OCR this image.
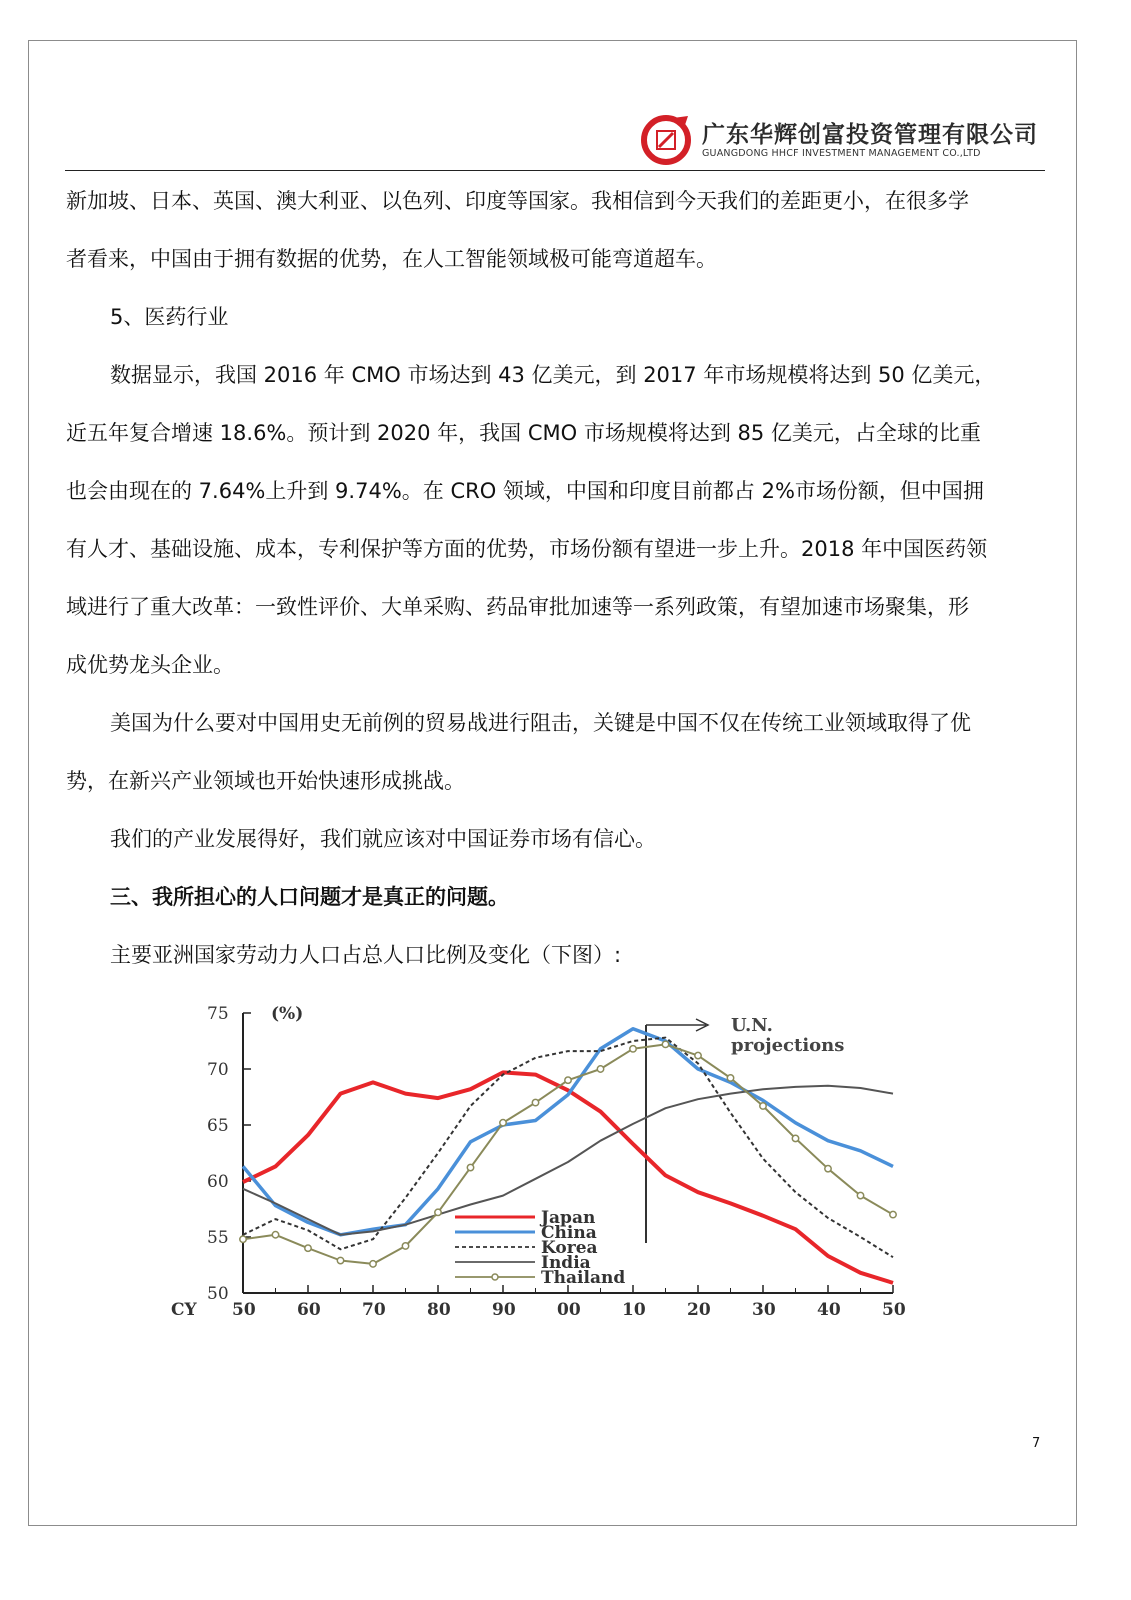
广东华辉创富投资管理有限公司
GUANGDONG HHCF INVESTMENT MANAGEMENT CO.,LTD
新加坡、日本、英国、澳大利亚、以色列、印度等国家。我相信到今天我们的差距更小，在很多学
者看来，中国由于拥有数据的优势，在人工智能领域极可能弯道超车。
5、医药行业
数据显示，我国 2016 年 CMO 市场达到 43 亿美元，到 2017 年市场规模将达到 50 亿美元，
近五年复合增速 18.6%。预计到 2020 年，我国 CMO 市场规模将达到 85 亿美元，占全球的比重
也会由现在的 7.64%上升到 9.74%。在 CRO 领域，中国和印度目前都占 2%市场份额，但中国拥
有人才、基础设施、成本，专利保护等方面的优势，市场份额有望进一步上升。2018 年中国医药领
域进行了重大改革：一致性评价、大单采购、药品审批加速等一系列政策，有望加速市场聚集，形
成优势龙头企业。
美国为什么要对中国用史无前例的贸易战进行阻击，关键是中国不仅在传统工业领域取得了优
势，在新兴产业领域也开始快速形成挑战。
我们的产业发展得好，我们就应该对中国证券市场有信心。
三、我所担心的人口问题才是真正的问题。
主要亚洲国家劳动力人口占总人口比例及变化（下图）:
75
70
65
60
55
50
(%)
50 60 70 80 90 00 10 20 30 40 50
CY
U.N.
projections
Japan
China
Korea
India
Thailand
7
